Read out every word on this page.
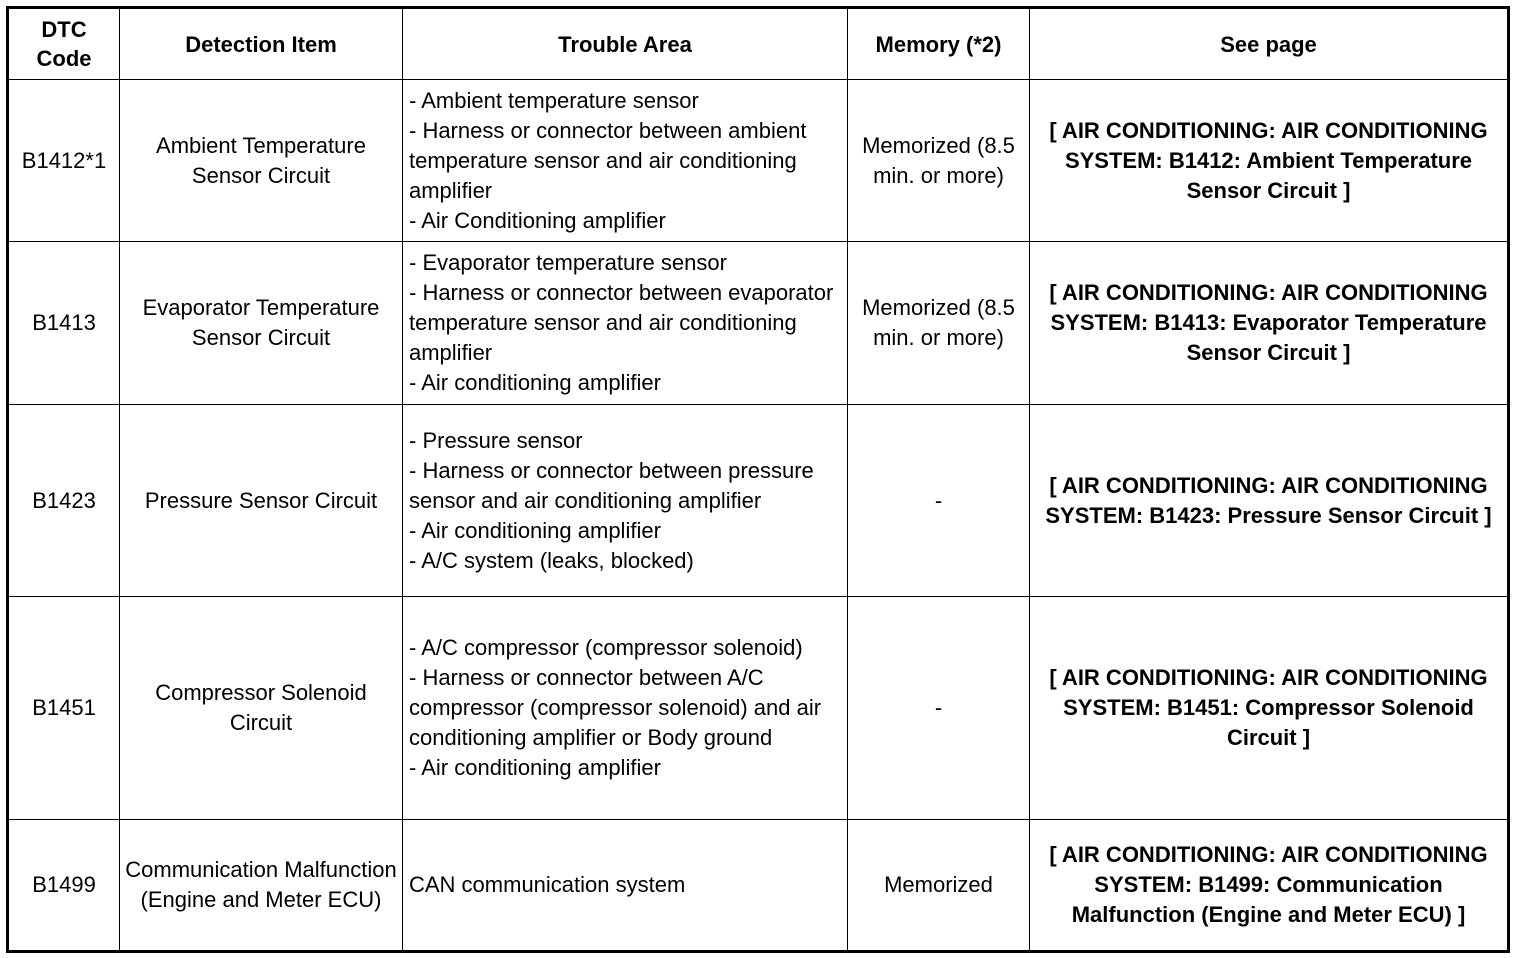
DTC Code	Detection Item	Trouble Area	Memory (*2)	See page
B1412*1	Ambient Temperature Sensor Circuit	- Ambient temperature sensor
- Harness or connector between ambient temperature sensor and air conditioning amplifier
- Air Conditioning amplifier	Memorized (8.5 min. or more)	[ AIR CONDITIONING: AIR CONDITIONING SYSTEM: B1412: Ambient Temperature Sensor Circuit ]
B1413	Evaporator Temperature Sensor Circuit	- Evaporator temperature sensor
- Harness or connector between evaporator temperature sensor and air conditioning amplifier
- Air conditioning amplifier	Memorized (8.5 min. or more)	[ AIR CONDITIONING: AIR CONDITIONING SYSTEM: B1413: Evaporator Temperature Sensor Circuit ]
B1423	Pressure Sensor Circuit	- Pressure sensor
- Harness or connector between pressure sensor and air conditioning amplifier
- Air conditioning amplifier
- A/C system (leaks, blocked)	-	[ AIR CONDITIONING: AIR CONDITIONING SYSTEM: B1423: Pressure Sensor Circuit ]
B1451	Compressor Solenoid Circuit	- A/C compressor (compressor solenoid)
- Harness or connector between A/C compressor (compressor solenoid) and air conditioning amplifier or Body ground
- Air conditioning amplifier	-	[ AIR CONDITIONING: AIR CONDITIONING SYSTEM: B1451: Compressor Solenoid Circuit ]
B1499	Communication Malfunction (Engine and Meter ECU)	CAN communication system	Memorized	[ AIR CONDITIONING: AIR CONDITIONING SYSTEM: B1499: Communication Malfunction (Engine and Meter ECU) ]
